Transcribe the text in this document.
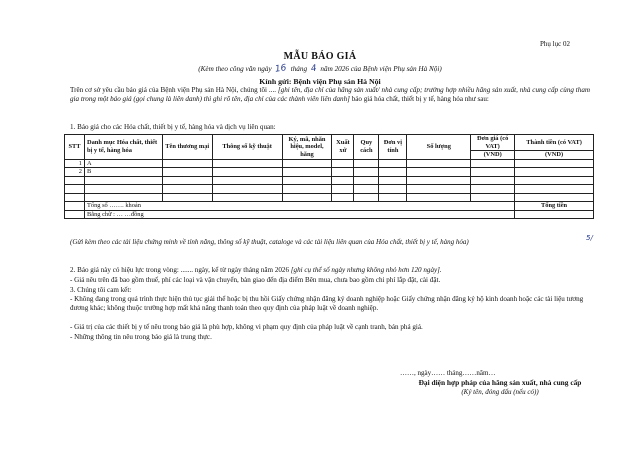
Phụ lục 02
MẪU BÁO GIÁ
(Kèm theo công văn ngày 16 tháng 4 năm 2026 của Bệnh viện Phụ sản Hà Nội)
Kính gửi: Bệnh viện Phụ sản Hà Nội
Trên cơ sở yêu cầu báo giá của Bệnh viện Phụ sản Hà Nội, chúng tôi .... [ghi tên, địa chỉ của hãng sản xuất/ nhà cung cấp; trường hợp nhiều hãng sản xuất, nhà cung cấp cùng tham gia trong một báo giá (gọi chung là liên danh) thì ghi rõ tên, địa chỉ của các thành viên liên danh] báo giá hóa chất, thiết bị y tế, hàng hóa như sau:
1. Báo giá cho các Hóa chất, thiết bị y tế, hàng hóa và dịch vụ liên quan:
STT	Danh mục Hóa chất, thiết bị y tế, hàng hóa	Tên thương mại	Thông số kỹ thuật	Ký, mã, nhãn hiệu, model, hãng	Xuất xứ	Quy cách	Đơn vị tính	Số lượng	Đơn giá (có VAT)	Thành tiền (có VAT)
									(VND)	(VND)
1	A									
2	B									

	Tổng số ……. khoản									Tổng tiền
	Bằng chữ : … …đồng									
(Gửi kèm theo các tài liệu chứng minh về tính năng, thông số kỹ thuật, cataloge và các tài liệu liên quan của Hóa chất, thiết bị y tế, hàng hóa)	5/
2. Báo giá này có hiệu lực trong vòng: ....... ngày, kể từ ngày tháng năm 2026 [ghi cụ thể số ngày nhưng không nhỏ hơn 120 ngày].
- Giá nêu trên đã bao gồm thuế, phí các loại và vận chuyển, bàn giao đến địa điểm Bên mua, chưa bao gồm chi phí lắp đặt, cài đặt.
3. Chúng tôi cam kết:
- Không đang trong quá trình thực hiện thủ tục giải thể hoặc bị thu hồi Giấy chứng nhận đăng ký doanh nghiệp hoặc Giấy chứng nhận đăng ký hộ kinh doanh hoặc các tài liệu tương đương khác; không thuộc trường hợp mất khả năng thanh toán theo quy định của pháp luật về doanh nghiệp.
- Giá trị của các thiết bị y tế nêu trong báo giá là phù hợp, không vi phạm quy định của pháp luật về cạnh tranh, bán phá giá.
- Những thông tin nêu trong báo giá là trung thực.
……, ngày…… tháng……năm…
Đại diện hợp pháp của hãng sản xuất, nhà cung cấp
(Ký tên, đóng dấu (nếu có))
